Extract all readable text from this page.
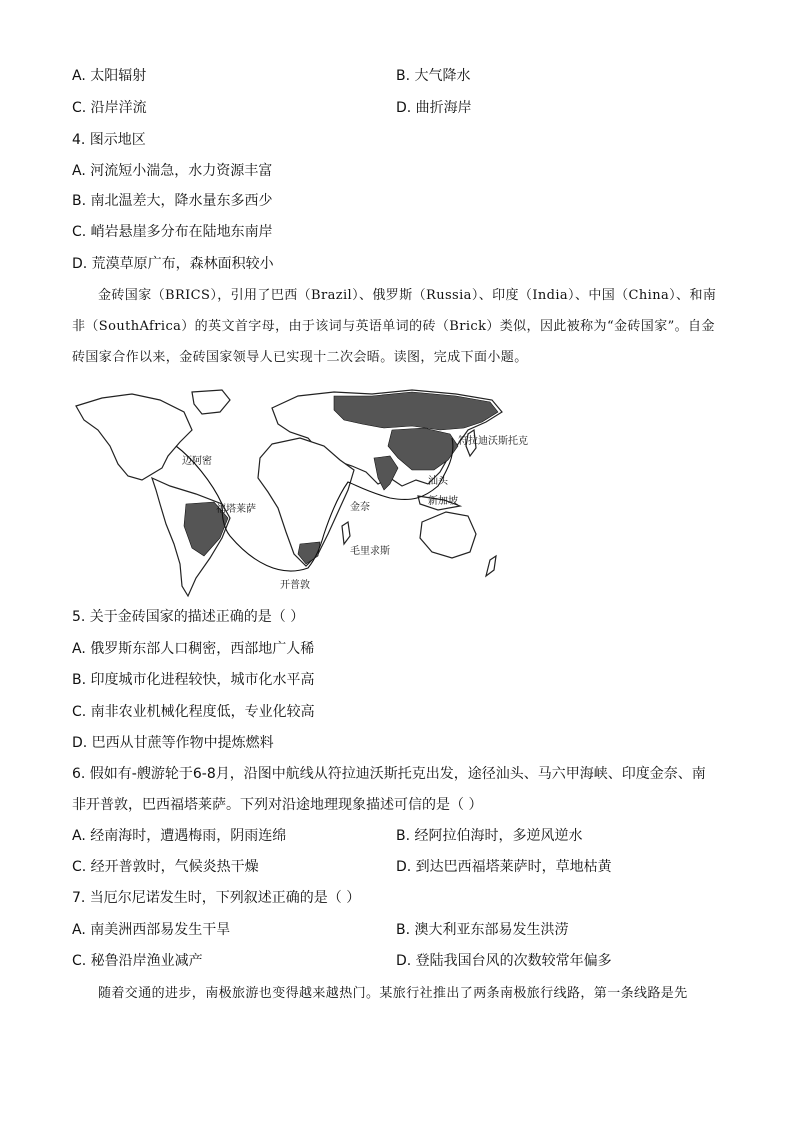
A. 太阳辐射	B. 大气降水
C. 沿岸洋流	D. 曲折海岸
4. 图示地区
A. 河流短小湍急，水力资源丰富
B. 南北温差大，降水量东多西少
C. 峭岩悬崖多分布在陆地东南岸
D. 荒漠草原广布，森林面积较小
金砖国家（BRICS），引用了巴西（Brazil）、俄罗斯（Russia）、印度（India）、中国（China）、和南非（SouthAfrica）的英文首字母，由于该词与英语单词的砖（Brick）类似，因此被称为“金砖国家”。自金砖国家合作以来，金砖国家领导人已实现十二次会晤。读图，完成下面小题。
符拉迪沃斯托克
迈阿密
汕头
新加坡
福塔莱萨	金奈
毛里求斯
开普敦
5. 关于金砖国家的描述正确的是（ ）
A. 俄罗斯东部人口稠密，西部地广人稀
B. 印度城市化进程较快，城市化水平高
C. 南非农业机械化程度低，专业化较高
D. 巴西从甘蔗等作物中提炼燃料
6. 假如有-艘游轮于6-8月，沿图中航线从符拉迪沃斯托克出发，途径汕头、马六甲海峡、印度金奈、南
非开普敦，巴西福塔莱萨。下列对沿途地理现象描述可信的是（ ）
A. 经南海时，遭遇梅雨，阴雨连绵	B. 经阿拉伯海时，多逆风逆水
C. 经开普敦时，气候炎热干燥	D. 到达巴西福塔莱萨时，草地枯黄
7. 当厄尔尼诺发生时，下列叙述正确的是（ ）
A. 南美洲西部易发生干旱	B. 澳大利亚东部易发生洪涝
C. 秘鲁沿岸渔业减产	D. 登陆我国台风的次数较常年偏多
随着交通的进步，南极旅游也变得越来越热门。某旅行社推出了两条南极旅行线路，第一条线路是先
